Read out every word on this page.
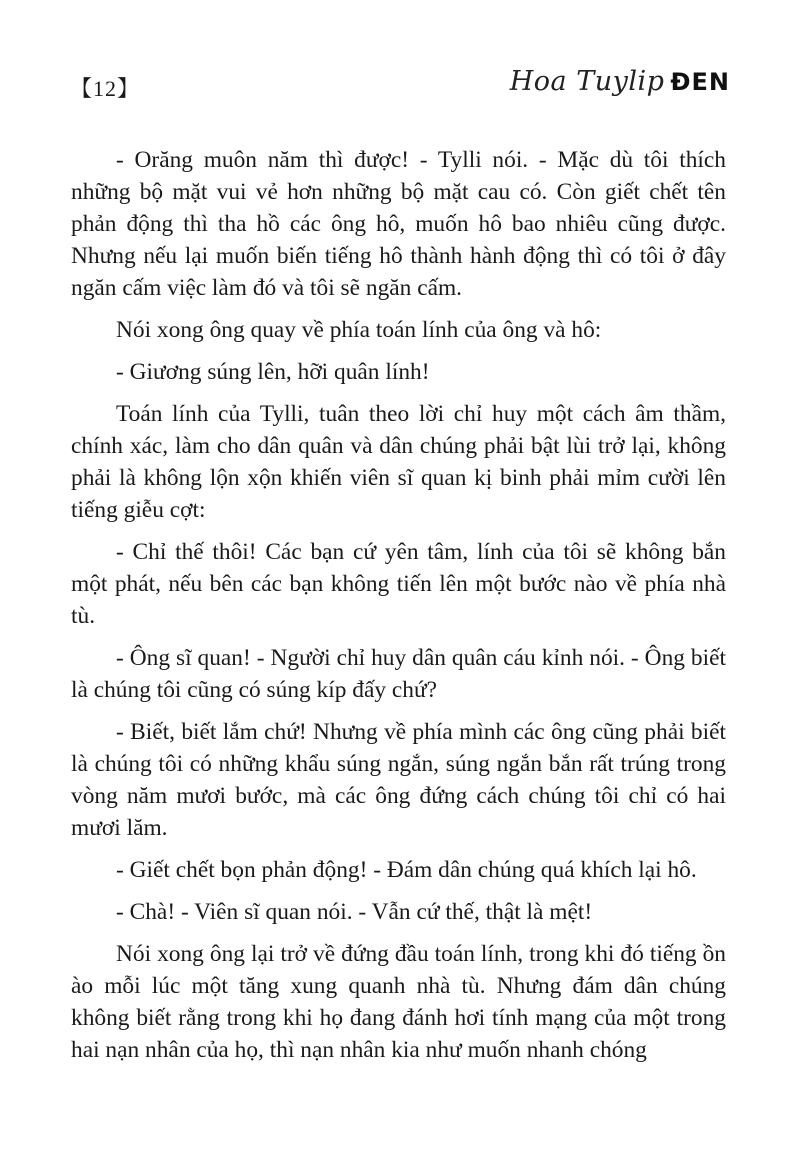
【12】	Hoa Tuylip ĐEN

- Orăng muôn năm thì được! - Tylli nói. - Mặc dù tôi thích những bộ mặt vui vẻ hơn những bộ mặt cau có. Còn giết chết tên phản động thì tha hồ các ông hô, muốn hô bao nhiêu cũng được. Nhưng nếu lại muốn biến tiếng hô thành hành động thì có tôi ở đây ngăn cấm việc làm đó và tôi sẽ ngăn cấm.

Nói xong ông quay về phía toán lính của ông và hô:

- Giương súng lên, hỡi quân lính!

Toán lính của Tylli, tuân theo lời chỉ huy một cách âm thầm, chính xác, làm cho dân quân và dân chúng phải bật lùi trở lại, không phải là không lộn xộn khiến viên sĩ quan kị binh phải mỉm cười lên tiếng giễu cợt:

- Chỉ thế thôi! Các bạn cứ yên tâm, lính của tôi sẽ không bắn một phát, nếu bên các bạn không tiến lên một bước nào về phía nhà tù.

- Ông sĩ quan! - Người chỉ huy dân quân cáu kỉnh nói. - Ông biết là chúng tôi cũng có súng kíp đấy chứ?

- Biết, biết lắm chứ! Nhưng về phía mình các ông cũng phải biết là chúng tôi có những khẩu súng ngắn, súng ngắn bắn rất trúng trong vòng năm mươi bước, mà các ông đứng cách chúng tôi chỉ có hai mươi lăm.

- Giết chết bọn phản động! - Đám dân chúng quá khích lại hô.

- Chà! - Viên sĩ quan nói. - Vẫn cứ thế, thật là mệt!

Nói xong ông lại trở về đứng đầu toán lính, trong khi đó tiếng ồn ào mỗi lúc một tăng xung quanh nhà tù. Nhưng đám dân chúng không biết rằng trong khi họ đang đánh hơi tính mạng của một trong hai nạn nhân của họ, thì nạn nhân kia như muốn nhanh chóng
